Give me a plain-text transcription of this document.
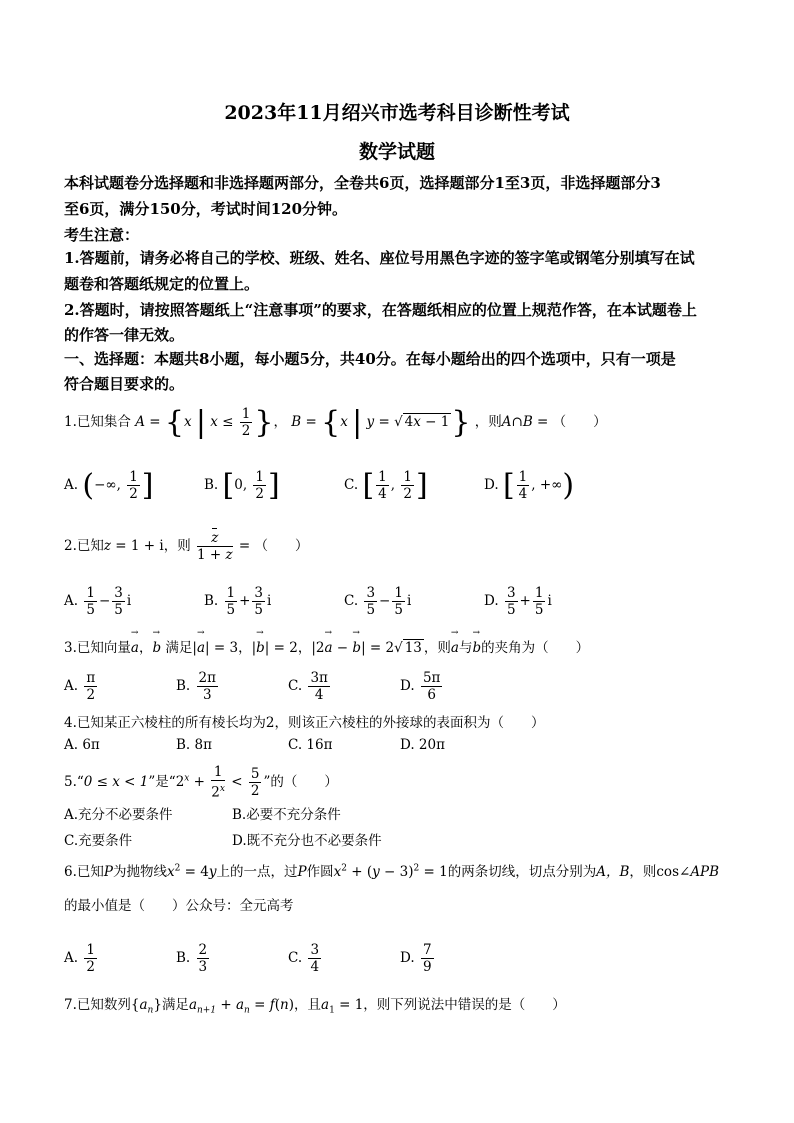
2023年11月绍兴市选考科目诊断性考试
数学试题
本科试题卷分选择题和非选择题两部分，全卷共6页，选择题部分1至3页，非选择题部分3
至6页，满分150分，考试时间120分钟。
考生注意：
1.答题前，请务必将自己的学校、班级、姓名、座位号用黑色字迹的签字笔或钢笔分别填写在试
题卷和答题纸规定的位置上。
2.答题时，请按照答题纸上“注意事项”的要求，在答题纸相应的位置上规范作答，在本试题卷上
的作答一律无效。
一、选择题：本题共8小题，每小题5分，共40分。在每小题给出的四个选项中，只有一项是
符合题目要求的。
1.已知集合 A = {x | $x \le \frac{1}{2}$ }， B = {x | y = √ 4x − 1} ，则A∩B = （　　）
A. (−∞, $\frac{1}{2}$ ]	B. [0, $\frac{1}{2}$ ]	C. [ $\frac{1}{4}$ , $\frac{1}{2}$ ]	D. [ $\frac{1}{4}$ , +∞)
2.已知z = 1 + i，则 $\frac{z}{1 + z}$ = （　　）
A. $\frac{1}{5} - \frac{3}{5}$ i	B. $\frac{1}{5} + \frac{3}{5}$ i	C. $\frac{3}{5} - \frac{1}{5}$ i	D. $\frac{3}{5} + \frac{1}{5}$ i
3.已知向量→ a，→ b 满足|→ a| = 3，|→ b| = 2，|2→ a − → b| = 2√ 13 ，则→ a与→ b的夹角为（　　）
A. $\frac{\pi}{2}$	B. $\frac{2\pi}{3}$	C. $\frac{3\pi}{4}$	D. $\frac{5\pi}{6}$
4.已知某正六棱柱的所有棱长均为2，则该正六棱柱的外接球的表面积为（　　）
A. 6π	B. 8π	C. 16π	D. 20π
5.“0 ≤ x < 1”是“$2^x + \frac{1}{2^x} < \frac{5}{2}$ ”的（　　）
A.充分不必要条件	B.必要不充分条件
C.充要条件	D.既不充分也不必要条件
6.已知P为抛物线$x^2 = 4y$上的一点，过P作圆$x^2 + (y - 3)^2 = 1$的两条切线，切点分别为A，B，则cos∠APB
的最小值是（　　）公众号：全元高考
A. $\frac{1}{2}$	B. $\frac{2}{3}$	C. $\frac{3}{4}$	D. $\frac{7}{9}$
7.已知数列$\{a_n\}$满足$a_{n+1} + a_n = f(n)$，且$a_1 = 1$，则下列说法中错误的是（　　）
